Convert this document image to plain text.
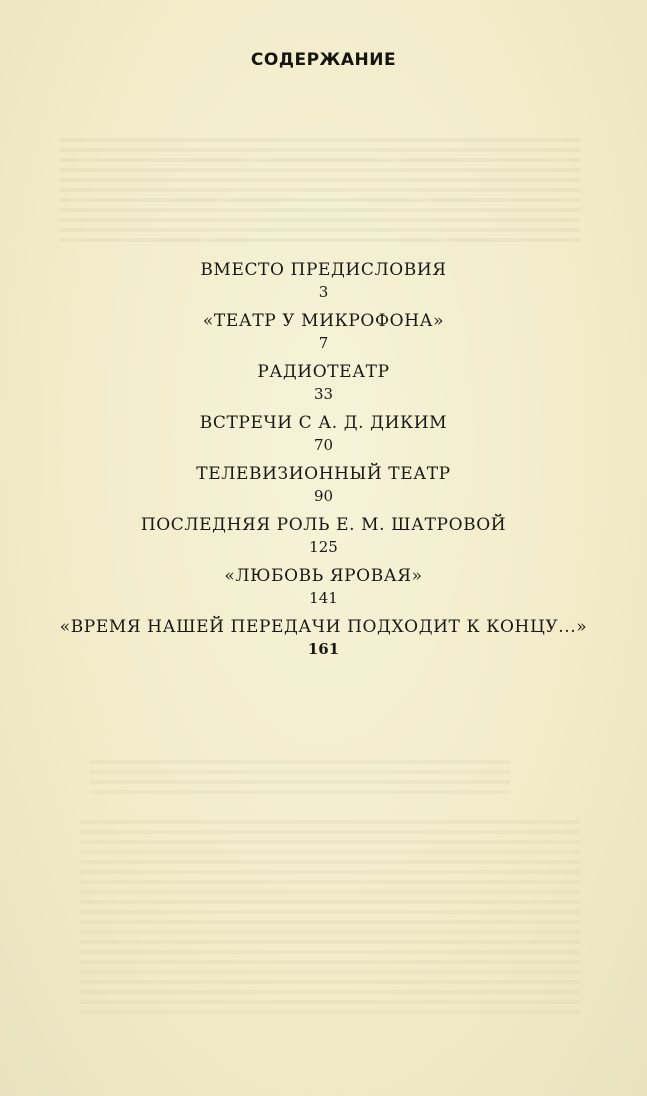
СОДЕРЖАНИЕ
ВМЕСТО ПРЕДИСЛОВИЯ
3
«ТЕАТР У МИКРОФОНА»
7
РАДИОТЕАТР
33
ВСТРЕЧИ С А. Д. ДИКИМ
70
ТЕЛЕВИЗИОННЫЙ ТЕАТР
90
ПОСЛЕДНЯЯ РОЛЬ Е. М. ШАТРОВОЙ
125
«ЛЮБОВЬ ЯРОВАЯ»
141
«ВРЕМЯ НАШЕЙ ПЕРЕДАЧИ ПОДХОДИТ К КОНЦУ...»
161
